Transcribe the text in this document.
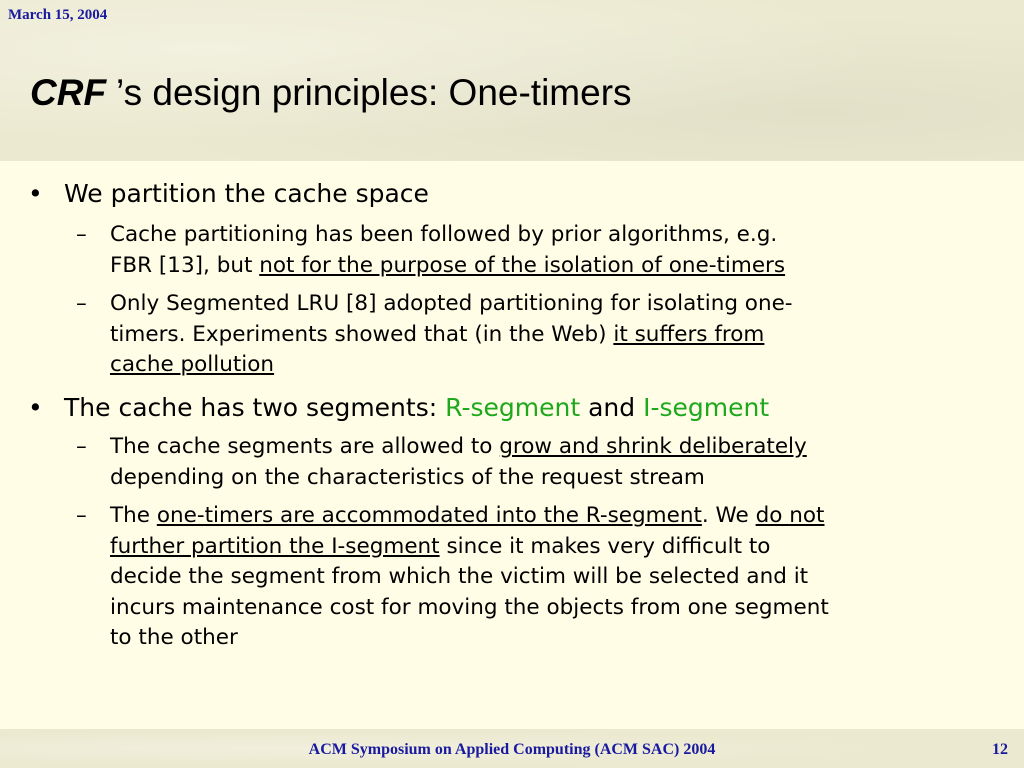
March 15, 2004
CRF ’s design principles: One-timers
• We partition the cache space
– Cache partitioning has been followed by prior algorithms, e.g.
FBR [13], but not for the purpose of the isolation of one-timers
– Only Segmented LRU [8] adopted partitioning for isolating one-
timers. Experiments showed that (in the Web) it suffers from
cache pollution
• The cache has two segments: R-segment and I-segment
– The cache segments are allowed to grow and shrink deliberately
depending on the characteristics of the request stream
– The one-timers are accommodated into the R-segment. We do not
further partition the I-segment since it makes very difficult to
decide the segment from which the victim will be selected and it
incurs maintenance cost for moving the objects from one segment
to the other
ACM Symposium on Applied Computing (ACM SAC) 2004	12
